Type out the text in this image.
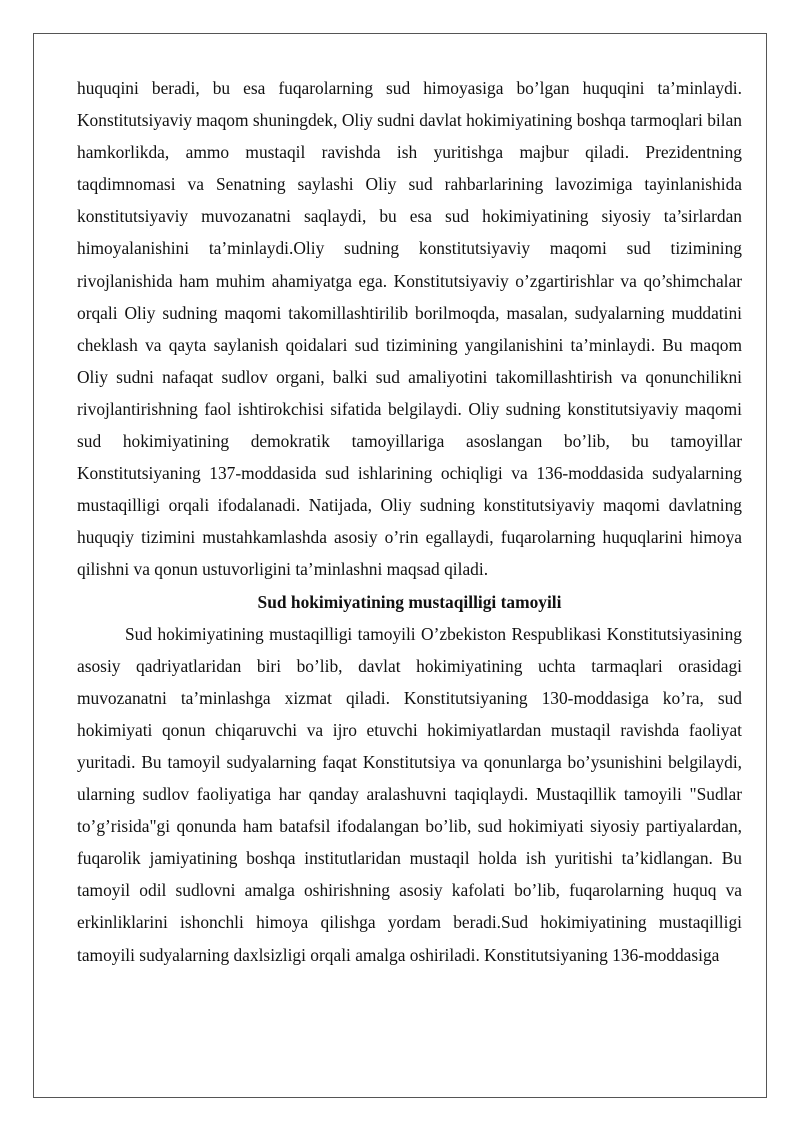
huquqini beradi, bu esa fuqarolarning sud himoyasiga bo’lgan huquqini ta’minlaydi. Konstitutsiyaviy maqom shuningdek, Oliy sudni davlat hokimiyatining boshqa tarmoqlari bilan hamkorlikda, ammo mustaqil ravishda ish yuritishga majbur qiladi. Prezidentning taqdimnomasi va Senatning saylashi Oliy sud rahbarlarining lavozimiga tayinlanishida konstitutsiyaviy muvozanatni saqlaydi, bu esa sud hokimiyatining siyosiy ta’sirlardan himoyalanishini ta’minlaydi.Oliy sudning konstitutsiyaviy maqomi sud tizimining rivojlanishida ham muhim ahamiyatga ega. Konstitutsiyaviy o’zgartirishlar va qo’shimchalar orqali Oliy sudning maqomi takomillashtirilib borilmoqda, masalan, sudyalarning muddatini cheklash va qayta saylanish qoidalari sud tizimining yangilanishini ta’minlaydi. Bu maqom Oliy sudni nafaqat sudlov organi, balki sud amaliyotini takomillashtirish va qonunchilikni rivojlantirishning faol ishtirokchisi sifatida belgilaydi. Oliy sudning konstitutsiyaviy maqomi sud hokimiyatining demokratik tamoyillariga asoslangan bo’lib, bu tamoyillar Konstitutsiyaning 137-moddasida sud ishlarining ochiqligi va 136-moddasida sudyalarning mustaqilligi orqali ifodalanadi. Natijada, Oliy sudning konstitutsiyaviy maqomi davlatning huquqiy tizimini mustahkamlashda asosiy o’rin egallaydi, fuqarolarning huquqlarini himoya qilishni va qonun ustuvorligini ta’minlashni maqsad qiladi.

Sud hokimiyatining mustaqilligi tamoyili

Sud hokimiyatining mustaqilligi tamoyili O’zbekiston Respublikasi Konstitutsiyasining asosiy qadriyatlaridan biri bo’lib, davlat hokimiyatining uchta tarmaqlari orasidagi muvozanatni ta’minlashga xizmat qiladi. Konstitutsiyaning 130-moddasiga ko’ra, sud hokimiyati qonun chiqaruvchi va ijro etuvchi hokimiyatlardan mustaqil ravishda faoliyat yuritadi. Bu tamoyil sudyalarning faqat Konstitutsiya va qonunlarga bo’ysunishini belgilaydi, ularning sudlov faoliyatiga har qanday aralashuvni taqiqlaydi. Mustaqillik tamoyili "Sudlar to’g’risida"gi qonunda ham batafsil ifodalangan bo’lib, sud hokimiyati siyosiy partiyalardan, fuqarolik jamiyatining boshqa institutlaridan mustaqil holda ish yuritishi ta’kidlangan. Bu tamoyil odil sudlovni amalga oshirishning asosiy kafolati bo’lib, fuqarolarning huquq va erkinliklarini ishonchli himoya qilishga yordam beradi.Sud hokimiyatining mustaqilligi tamoyili sudyalarning daxlsizligi orqali amalga oshiriladi. Konstitutsiyaning 136-moddasiga
